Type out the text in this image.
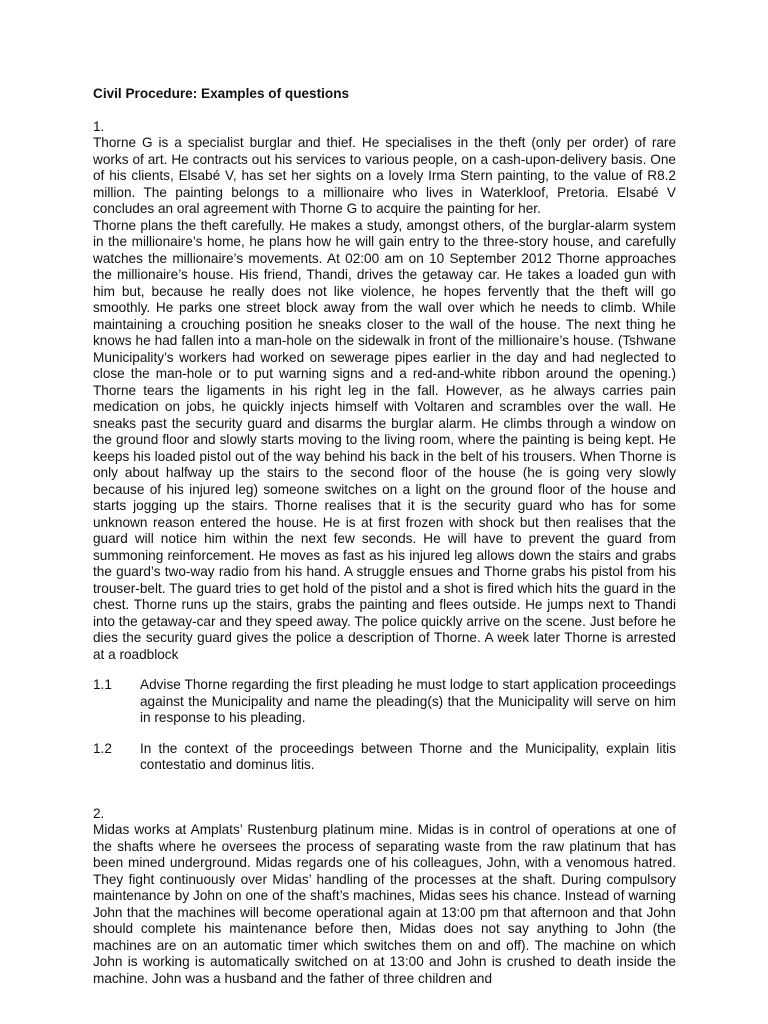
Civil Procedure: Examples of questions

1.

Thorne G is a specialist burglar and thief. He specialises in the theft (only per order) of rare works of art. He contracts out his services to various people, on a cash-upon-delivery basis. One of his clients, Elsabé V, has set her sights on a lovely Irma Stern painting, to the value of R8.2 million. The painting belongs to a millionaire who lives in Waterkloof, Pretoria. Elsabé V concludes an oral agreement with Thorne G to acquire the painting for her.

Thorne plans the theft carefully. He makes a study, amongst others, of the burglar-alarm system in the millionaire’s home, he plans how he will gain entry to the three-story house, and carefully watches the millionaire’s movements. At 02:00 am on 10 September 2012 Thorne approaches the millionaire’s house. His friend, Thandi, drives the getaway car. He takes a loaded gun with him but, because he really does not like violence, he hopes fervently that the theft will go smoothly. He parks one street block away from the wall over which he needs to climb. While maintaining a crouching position he sneaks closer to the wall of the house. The next thing he knows he had fallen into a man-hole on the sidewalk in front of the millionaire’s house. (Tshwane Municipality’s workers had worked on sewerage pipes earlier in the day and had neglected to close the man-hole or to put warning signs and a red-and-white ribbon around the opening.) Thorne tears the ligaments in his right leg in the fall. However, as he always carries pain medication on jobs, he quickly injects himself with Voltaren and scrambles over the wall. He sneaks past the security guard and disarms the burglar alarm. He climbs through a window on the ground floor and slowly starts moving to the living room, where the painting is being kept. He keeps his loaded pistol out of the way behind his back in the belt of his trousers. When Thorne is only about halfway up the stairs to the second floor of the house (he is going very slowly because of his injured leg) someone switches on a light on the ground floor of the house and starts jogging up the stairs. Thorne realises that it is the security guard who has for some unknown reason entered the house. He is at first frozen with shock but then realises that the guard will notice him within the next few seconds. He will have to prevent the guard from summoning reinforcement. He moves as fast as his injured leg allows down the stairs and grabs the guard’s two-way radio from his hand. A struggle ensues and Thorne grabs his pistol from his trouser-belt. The guard tries to get hold of the pistol and a shot is fired which hits the guard in the chest. Thorne runs up the stairs, grabs the painting and flees outside. He jumps next to Thandi into the getaway-car and they speed away. The police quickly arrive on the scene. Just before he dies the security guard gives the police a description of Thorne. A week later Thorne is arrested at a roadblock

1.1	Advise Thorne regarding the first pleading he must lodge to start application proceedings against the Municipality and name the pleading(s) that the Municipality will serve on him in response to his pleading.
1.2	In the context of the proceedings between Thorne and the Municipality, explain litis contestatio and dominus litis.

2.

Midas works at Amplats’ Rustenburg platinum mine. Midas is in control of operations at one of the shafts where he oversees the process of separating waste from the raw platinum that has been mined underground. Midas regards one of his colleagues, John, with a venomous hatred. They fight continuously over Midas’ handling of the processes at the shaft. During compulsory maintenance by John on one of the shaft’s machines, Midas sees his chance. Instead of warning John that the machines will become operational again at 13:00 pm that afternoon and that John should complete his maintenance before then, Midas does not say anything to John (the machines are on an automatic timer which switches them on and off). The machine on which John is working is automatically switched on at 13:00 and John is crushed to death inside the machine. John was a husband and the father of three children and
